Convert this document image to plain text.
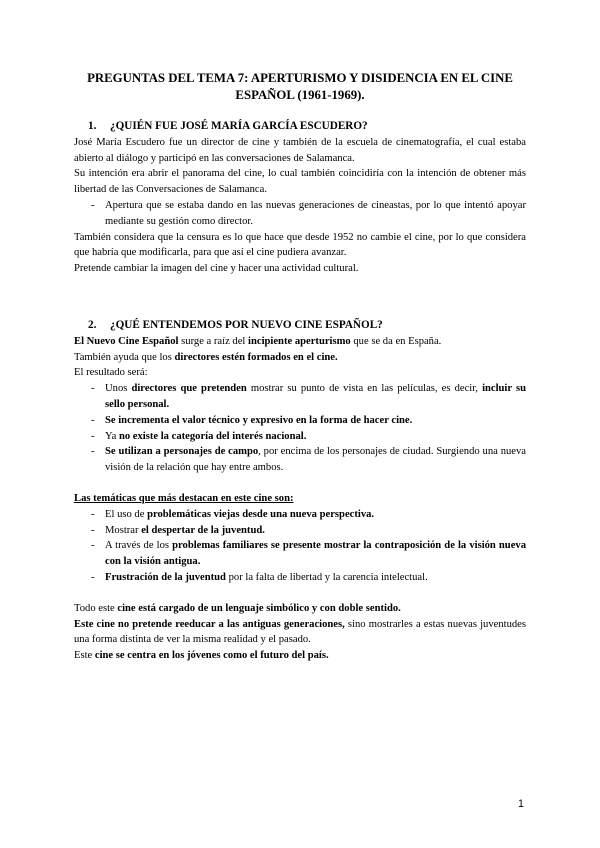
PREGUNTAS DEL TEMA 7: APERTURISMO Y DISIDENCIA EN EL CINE ESPAÑOL (1961-1969).
1. ¿QUIÉN FUE JOSÉ MARÍA GARCÍA ESCUDERO?

José María Escudero fue un director de cine y también de la escuela de cinematografía, el cual estaba abierto al diálogo y participó en las conversaciones de Salamanca.

Su intención era abrir el panorama del cine, lo cual también coincidiría con la intención de obtener más libertad de las Conversaciones de Salamanca.

- Apertura que se estaba dando en las nuevas generaciones de cineastas, por lo que intentó apoyar mediante su gestión como director.

También considera que la censura es lo que hace que desde 1952 no cambie el cine, por lo que considera que habría que modificarla, para que así el cine pudiera avanzar.

Pretende cambiar la imagen del cine y hacer una actividad cultural.

2. ¿QUÉ ENTENDEMOS POR NUEVO CINE ESPAÑOL?

El Nuevo Cine Español surge a raíz del incipiente aperturismo que se da en España.

También ayuda que los directores estén formados en el cine.

El resultado será:

- Unos directores que pretenden mostrar su punto de vista en las películas, es decir, incluir su sello personal.
- Se incrementa el valor técnico y expresivo en la forma de hacer cine.
- Ya no existe la categoría del interés nacional.
- Se utilizan a personajes de campo, por encima de los personajes de ciudad. Surgiendo una nueva visión de la relación que hay entre ambos.

Las temáticas que más destacan en este cine son:

- El uso de problemáticas viejas desde una nueva perspectiva.
- Mostrar el despertar de la juventud.
- A través de los problemas familiares se presente mostrar la contraposición de la visión nueva con la visión antigua.
- Frustración de la juventud por la falta de libertad y la carencia intelectual.

Todo este cine está cargado de un lenguaje simbólico y con doble sentido.

Este cine no pretende reeducar a las antiguas generaciones, sino mostrarles a estas nuevas juventudes una forma distinta de ver la misma realidad y el pasado.

Este cine se centra en los jóvenes como el futuro del país.

1
